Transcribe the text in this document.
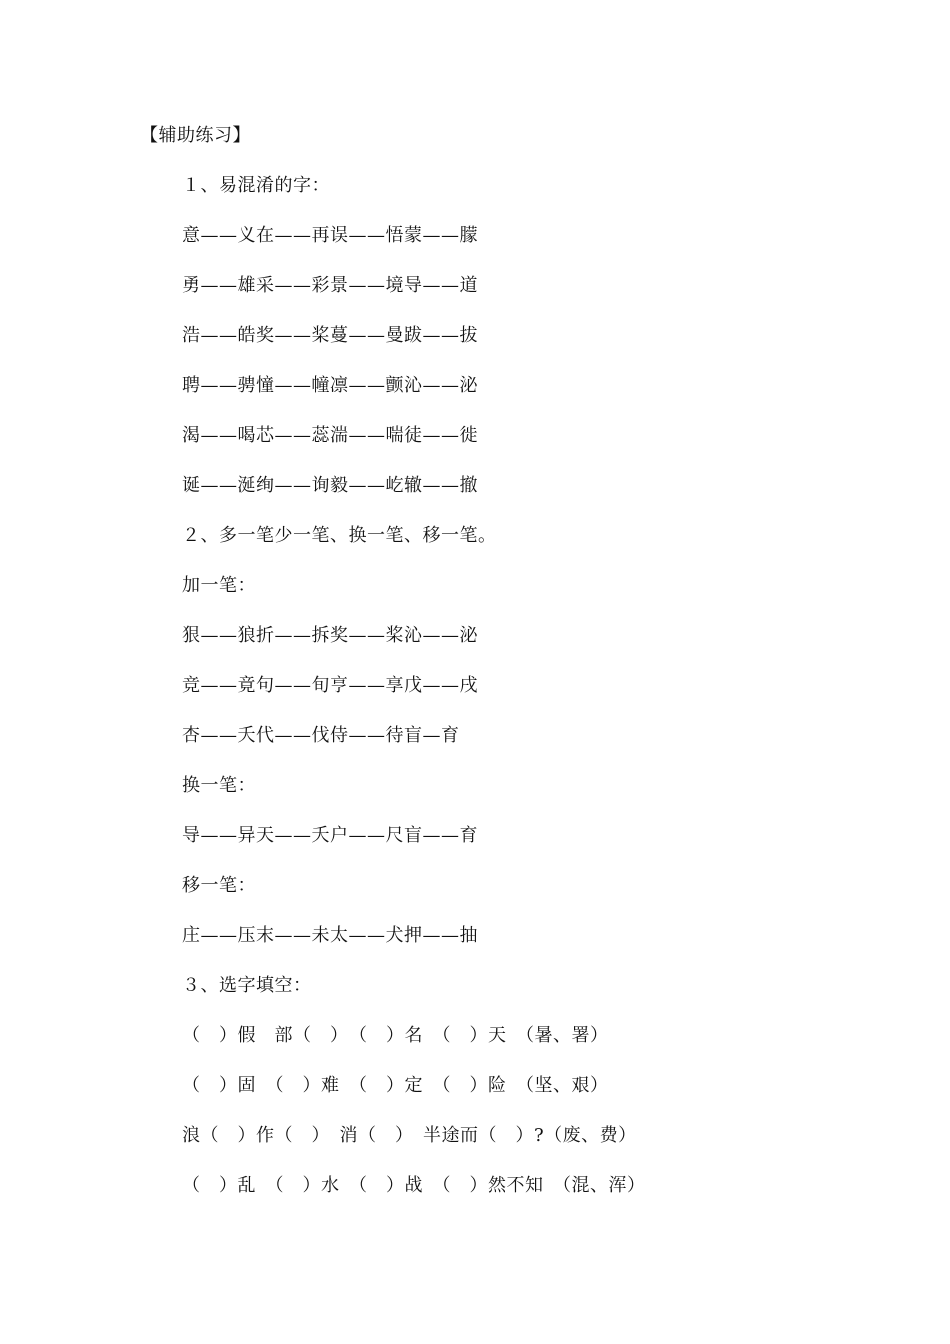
【辅助练习】
１、易混淆的字：
意——义在——再误——悟蒙——朦
勇——雄采——彩景——境导——道
浩——皓奖——桨蔓——曼跋——拔
聘——骋憧——幢凛——颤沁——泌
渴——喝芯——蕊湍——喘徒——徙
诞——涎绚——询毅——屹辙——撤
２、多一笔少一笔、换一笔、移一笔。
加一笔：
狠——狼折——拆奖——桨沁——泌
竞——竟句——旬亨——享戊——戌
杏——夭代——伐侍——待盲—育
换一笔：
导——异天——夭户——尺盲——育
移一笔：
庄——压末——未太——犬押——抽
３、选字填空：
（　）假　部（　）　（　）名　（　）天　（暑、署）
（　）固　（　）难　（　）定　（　）险　（坚、艰）
浪（　）作（　）　消（　）　半途而（　）?（废、费）
（　）乱　（　）水　（　）战　（　）然不知　（混、浑）
